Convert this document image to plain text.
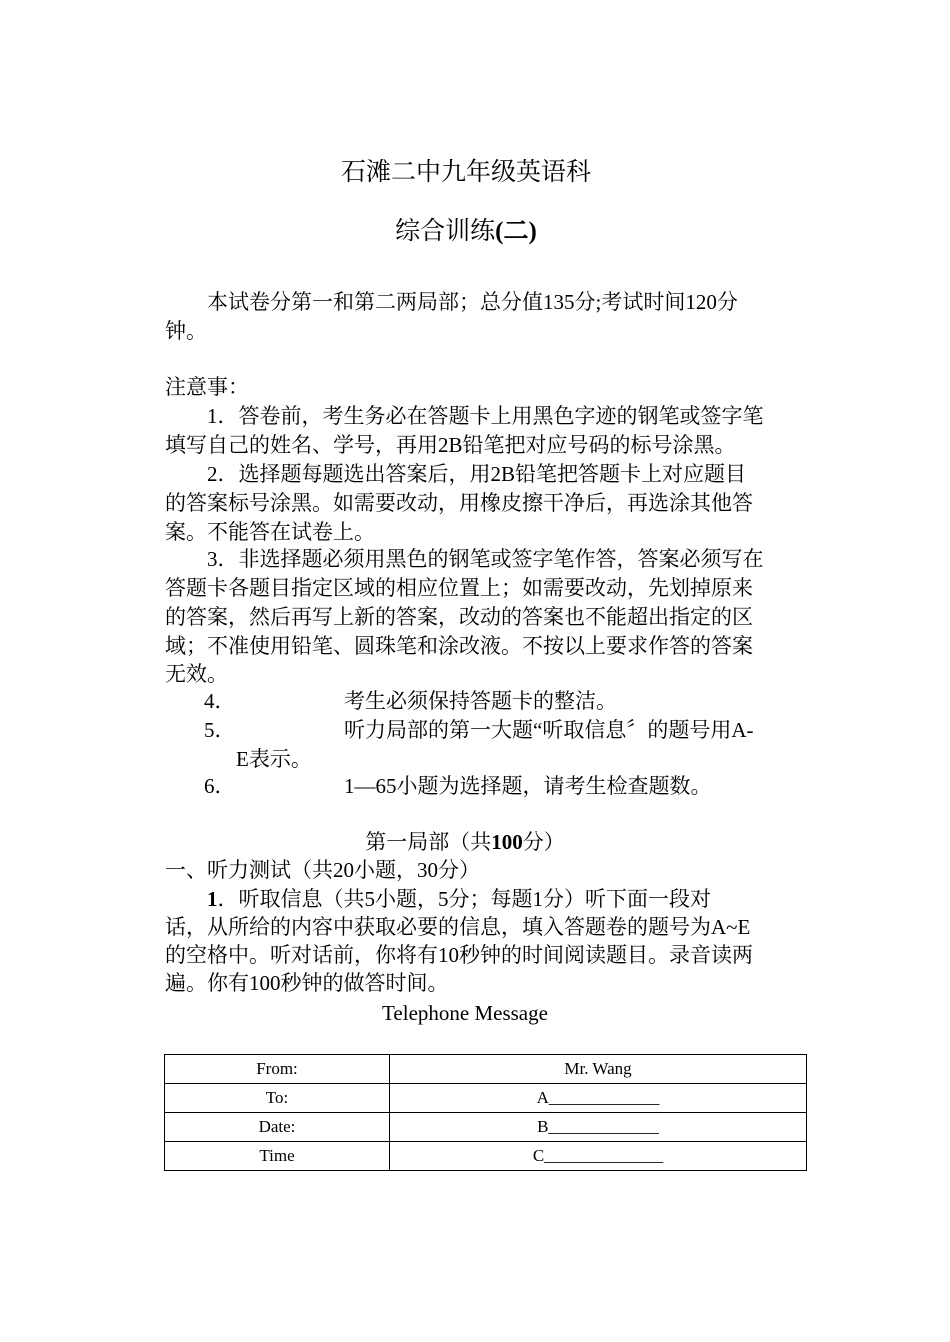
石滩二中九年级英语科
综合训练(二)
本试卷分第一和第二两局部；总分值135分;考试时间120分
钟。
注意事：
1．答卷前，考生务必在答题卡上用黑色字迹的钢笔或签字笔
填写自己的姓名、学号，再用2B铅笔把对应号码的标号涂黑。
2．选择题每题选出答案后，用2B铅笔把答题卡上对应题目
的答案标号涂黑。如需要改动，用橡皮擦干净后，再选涂其他答
案。不能答在试卷上。
3．非选择题必须用黑色的钢笔或签字笔作答，答案必须写在
答题卡各题目指定区域的相应位置上；如需要改动，先划掉原来
的答案，然后再写上新的答案，改动的答案也不能超出指定的区
域；不准使用铅笔、圆珠笔和涂改液。不按以上要求作答的答案
无效。
4．	考生必须保持答题卡的整洁。
5．	听力局部的第一大题“听取信息〞的题号用A-
E表示。
6．	1—65小题为选择题，请考生检查题数。
第一局部（共100分）
一、听力测试（共20小题，30分）
1．听取信息（共5小题，5分；每题1分）听下面一段对
话，从所给的内容中获取必要的信息，填入答题卷的题号为A~E
的空格中。听对话前，你将有10秒钟的时间阅读题目。录音读两
遍。你有100秒钟的做答时间。
Telephone Message
From:	Mr. Wang
To:	A_____________
Date:	B_____________
Time	C______________
